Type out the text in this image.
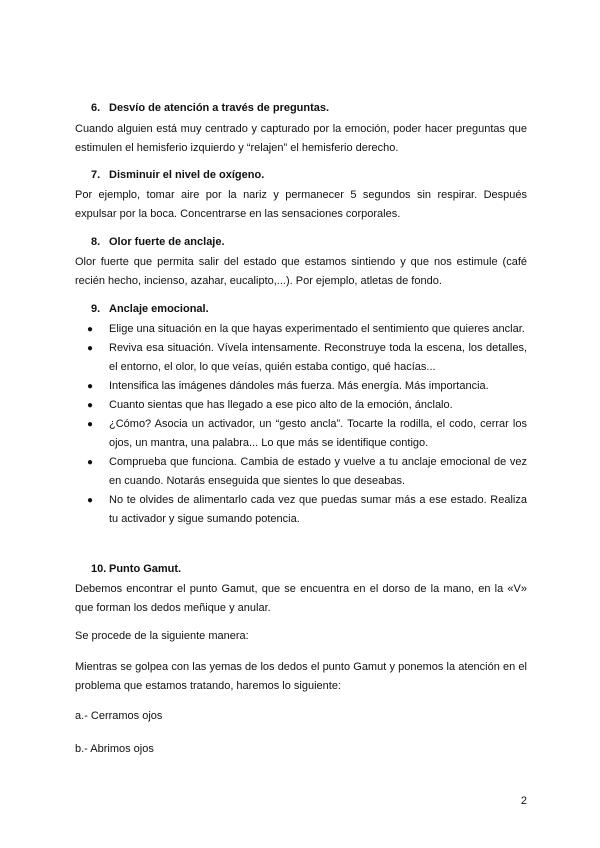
6. Desvío de atención a través de preguntas.
Cuando alguien está muy centrado y capturado por la emoción, poder hacer preguntas que estimulen el hemisferio izquierdo y “relajen” el hemisferio derecho.
7. Disminuir el nivel de oxígeno.
Por ejemplo, tomar aire por la nariz y permanecer 5 segundos sin respirar. Después expulsar por la boca. Concentrarse en las sensaciones corporales.
8. Olor fuerte de anclaje.
Olor fuerte que permita salir del estado que estamos sintiendo y que nos estimule (café recién hecho, incienso, azahar, eucalipto,...). Por ejemplo, atletas de fondo.
9. Anclaje emocional.
● Elige una situación en la que hayas experimentado el sentimiento que quieres anclar.
● Reviva esa situación. Vívela intensamente. Reconstruye toda la escena, los detalles, el entorno, el olor, lo que veías, quién estaba contigo, qué hacías...
● Intensifica las imágenes dándoles más fuerza. Más energía. Más importancia.
● Cuanto sientas que has llegado a ese pico alto de la emoción, áncla​lo.
● ¿Cómo? Asocia un activador, un “gesto ancla”. Tocarte la rodilla, el codo, cerrar los ojos, un mantra, una palabra... Lo que más se identifique contigo.
● Comprueba que funciona. Cambia de estado y vuelve a tu anclaje emocional de vez en cuando. Notarás enseguida que sientes lo que deseabas.
● No te olvides de alimentarlo cada vez que puedas sumar más a ese estado. Realiza tu activador y sigue sumando potencia.
10. Punto Gamut.
Debemos encontrar el punto Gamut, que se encuentra en el dorso de la mano, en la «V» que forman los dedos meñique y anular.
Se procede de la siguiente manera:
Mientras se golpea con las yemas de los dedos el punto Gamut y ponemos la atención en el problema que estamos tratando, haremos lo siguiente:
a.- Cerramos ojos
b.- Abrimos ojos
2
